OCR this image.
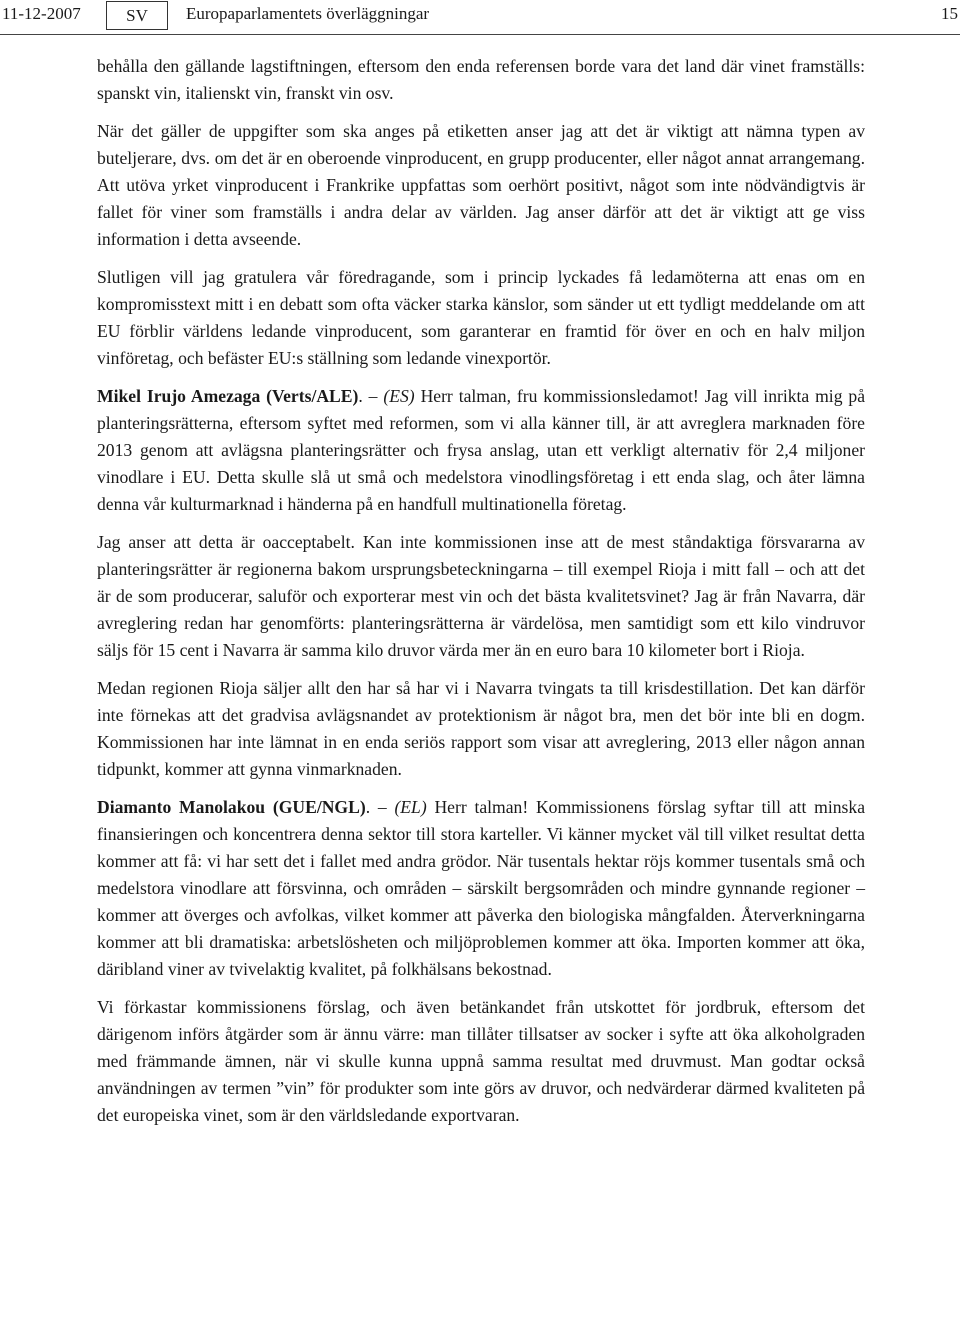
11-12-2007	SV	Europaparlamentets överläggningar	15

behålla den gällande lagstiftningen, eftersom den enda referensen borde vara det land där vinet framställs: spanskt vin, italienskt vin, franskt vin osv.

När det gäller de uppgifter som ska anges på etiketten anser jag att det är viktigt att nämna typen av buteljerare, dvs. om det är en oberoende vinproducent, en grupp producenter, eller något annat arrangemang. Att utöva yrket vinproducent i Frankrike uppfattas som oerhört positivt, något som inte nödvändigtvis är fallet för viner som framställs i andra delar av världen. Jag anser därför att det är viktigt att ge viss information i detta avseende.

Slutligen vill jag gratulera vår föredragande, som i princip lyckades få ledamöterna att enas om en kompromisstext mitt i en debatt som ofta väcker starka känslor, som sänder ut ett tydligt meddelande om att EU förblir världens ledande vinproducent, som garanterar en framtid för över en och en halv miljon vinföretag, och befäster EU:s ställning som ledande vinexportör.

Mikel Irujo Amezaga (Verts/ALE). – (ES) Herr talman, fru kommissionsledamot! Jag vill inrikta mig på planteringsrätterna, eftersom syftet med reformen, som vi alla känner till, är att avreglera marknaden före 2013 genom att avlägsna planteringsrätter och frysa anslag, utan ett verkligt alternativ för 2,4 miljoner vinodlare i EU. Detta skulle slå ut små och medelstora vinodlingsföretag i ett enda slag, och åter lämna denna vår kulturmarknad i händerna på en handfull multinationella företag.

Jag anser att detta är oacceptabelt. Kan inte kommissionen inse att de mest ståndaktiga försvararna av planteringsrätter är regionerna bakom ursprungsbeteckningarna – till exempel Rioja i mitt fall – och att det är de som producerar, saluför och exporterar mest vin och det bästa kvalitetsvinet? Jag är från Navarra, där avreglering redan har genomförts: planteringsrätterna är värdelösa, men samtidigt som ett kilo vindruvor säljs för 15 cent i Navarra är samma kilo druvor värda mer än en euro bara 10 kilometer bort i Rioja.

Medan regionen Rioja säljer allt den har så har vi i Navarra tvingats ta till krisdestillation. Det kan därför inte förnekas att det gradvisa avlägsnandet av protektionism är något bra, men det bör inte bli en dogm. Kommissionen har inte lämnat in en enda seriös rapport som visar att avreglering, 2013 eller någon annan tidpunkt, kommer att gynna vinmarknaden.

Diamanto Manolakou (GUE/NGL). – (EL) Herr talman! Kommissionens förslag syftar till att minska finansieringen och koncentrera denna sektor till stora karteller. Vi känner mycket väl till vilket resultat detta kommer att få: vi har sett det i fallet med andra grödor. När tusentals hektar röjs kommer tusentals små och medelstora vinodlare att försvinna, och områden – särskilt bergsområden och mindre gynnande regioner – kommer att överges och avfolkas, vilket kommer att påverka den biologiska mångfalden. Återverkningarna kommer att bli dramatiska: arbetslösheten och miljöproblemen kommer att öka. Importen kommer att öka, däribland viner av tvivelaktig kvalitet, på folkhälsans bekostnad.

Vi förkastar kommissionens förslag, och även betänkandet från utskottet för jordbruk, eftersom det därigenom införs åtgärder som är ännu värre: man tillåter tillsatser av socker i syfte att öka alkoholgraden med främmande ämnen, när vi skulle kunna uppnå samma resultat med druvmust. Man godtar också användningen av termen ”vin” för produkter som inte görs av druvor, och nedvärderar därmed kvaliteten på det europeiska vinet, som är den världsledande exportvaran.
